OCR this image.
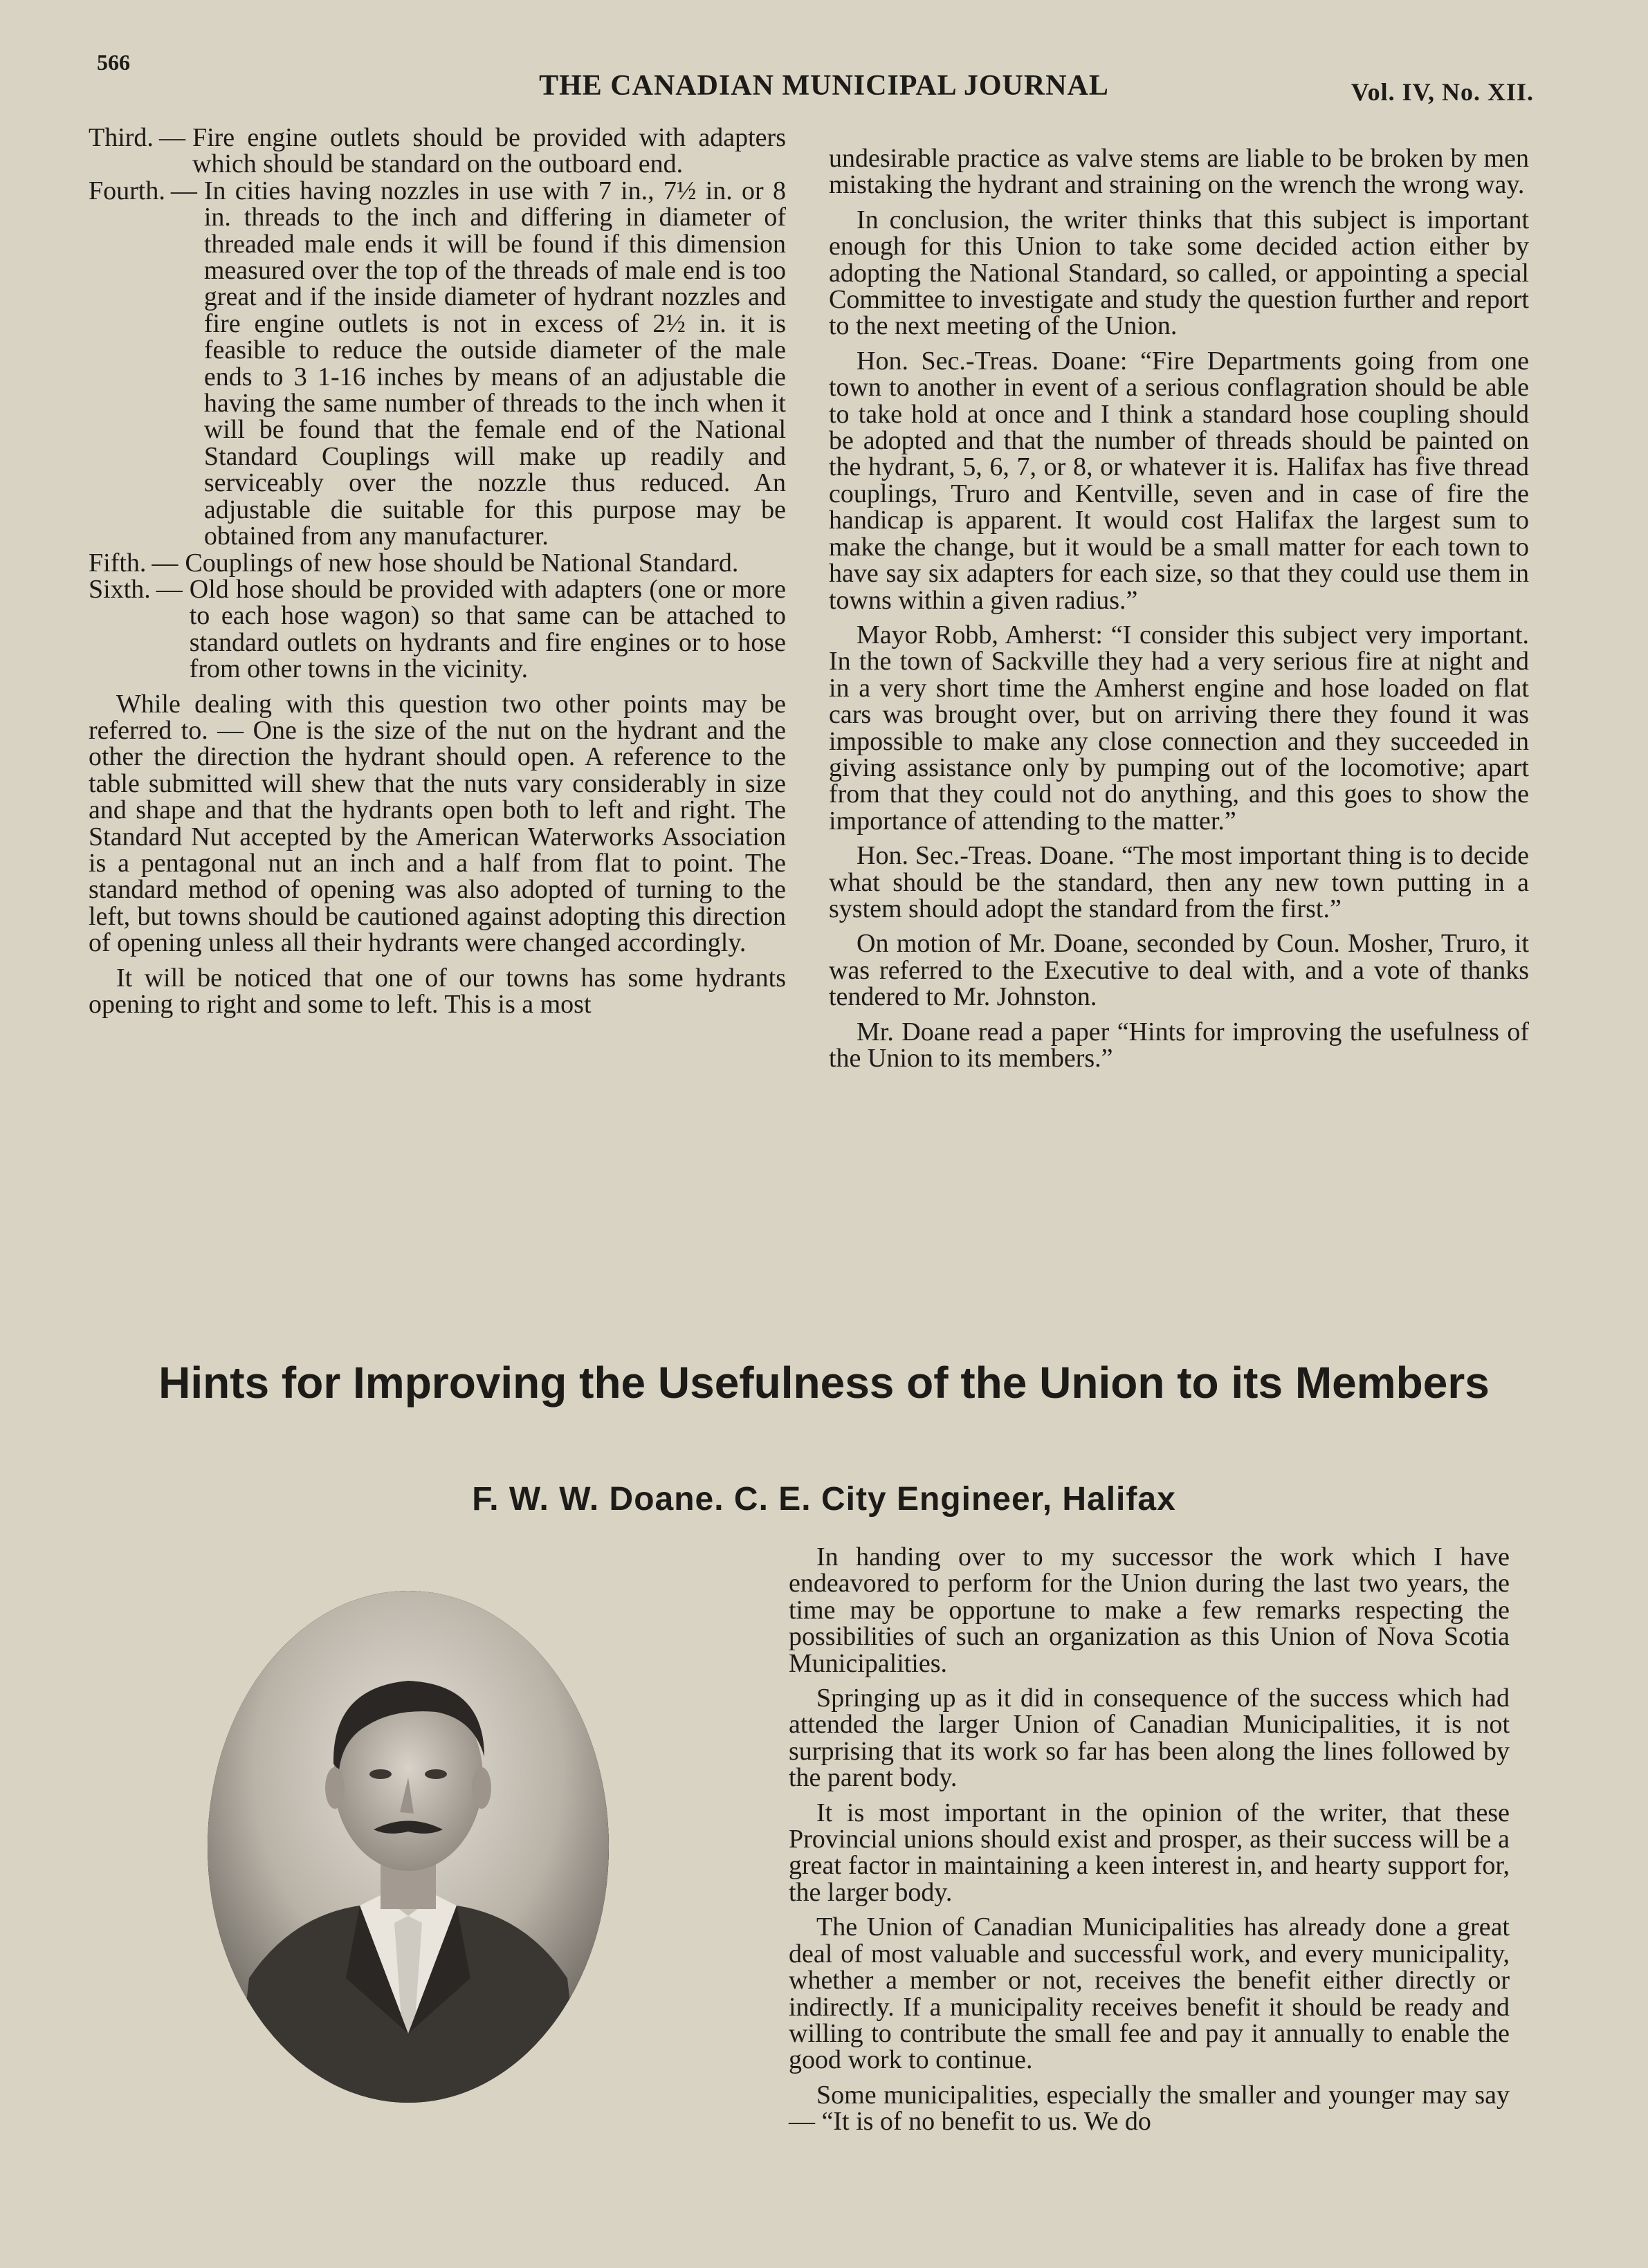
566
THE CANADIAN MUNICIPAL JOURNAL	Vol. IV, No. XII.
Third. — Fire engine outlets should be provided with adapters which should be standard on the outboard end.
Fourth. — In cities having nozzles in use with 7 in., 7½ in. or 8 in. threads to the inch and differing in diameter of threaded male ends it will be found if this dimension measured over the top of the threads of male end is too great and if the inside diameter of hydrant nozzles and fire engine outlets is not in excess of 2½ in. it is feasible to reduce the outside diameter of the male ends to 3 1-16 inches by means of an adjustable die having the same number of threads to the inch when it will be found that the female end of the National Standard Couplings will make up readily and serviceably over the nozzle thus reduced. An adjustable die suitable for this purpose may be obtained from any manufacturer.
Fifth. — Couplings of new hose should be National Standard.
Sixth. — Old hose should be provided with adapters (one or more to each hose wagon) so that same can be attached to standard outlets on hydrants and fire engines or to hose from other towns in the vicinity.

While dealing with this question two other points may be referred to. — One is the size of the nut on the hydrant and the other the direction the hydrant should open. A reference to the table submitted will shew that the nuts vary considerably in size and shape and that the hydrants open both to left and right. The Standard Nut accepted by the American Waterworks Association is a pentagonal nut an inch and a half from flat to point. The standard method of opening was also adopted of turning to the left, but towns should be cautioned against adopting this direction of opening unless all their hydrants were changed accordingly.

It will be noticed that one of our towns has some hydrants opening to right and some to left. This is a most

undesirable practice as valve stems are liable to be broken by men mistaking the hydrant and straining on the wrench the wrong way.

In conclusion, the writer thinks that this subject is important enough for this Union to take some decided action either by adopting the National Standard, so called, or appointing a special Committee to investigate and study the question further and report to the next meeting of the Union.

Hon. Sec.-Treas. Doane: “Fire Departments going from one town to another in event of a serious conflagration should be able to take hold at once and I think a standard hose coupling should be adopted and that the number of threads should be painted on the hydrant, 5, 6, 7, or 8, or whatever it is. Halifax has five thread couplings, Truro and Kentville, seven and in case of fire the handicap is apparent. It would cost Halifax the largest sum to make the change, but it would be a small matter for each town to have say six adapters for each size, so that they could use them in towns within a given radius.”

Mayor Robb, Amherst: “I consider this subject very important. In the town of Sackville they had a very serious fire at night and in a very short time the Amherst engine and hose loaded on flat cars was brought over, but on arriving there they found it was impossible to make any close connection and they succeeded in giving assistance only by pumping out of the locomotive; apart from that they could not do anything, and this goes to show the importance of attending to the matter.”

Hon. Sec.-Treas. Doane. “The most important thing is to decide what should be the standard, then any new town putting in a system should adopt the standard from the first.”

On motion of Mr. Doane, seconded by Coun. Mosher, Truro, it was referred to the Executive to deal with, and a vote of thanks tendered to Mr. Johnston.

Mr. Doane read a paper “Hints for improving the usefulness of the Union to its members.”

Hints for Improving the Usefulness of the Union to its Members
F. W. W. Doane. C. E. City Engineer, Halifax

In handing over to my successor the work which I have endeavored to perform for the Union during the last two years, the time may be opportune to make a few remarks respecting the possibilities of such an organization as this Union of Nova Scotia Municipalities.

Springing up as it did in consequence of the success which had attended the larger Union of Canadian Municipalities, it is not surprising that its work so far has been along the lines followed by the parent body.

It is most important in the opinion of the writer, that these Provincial unions should exist and prosper, as their success will be a great factor in maintaining a keen interest in, and hearty support for, the larger body.

The Union of Canadian Municipalities has already done a great deal of most valuable and successful work, and every municipality, whether a member or not, receives the benefit either directly or indirectly. If a municipality receives benefit it should be ready and willing to contribute the small fee and pay it annually to enable the good work to continue.

Some municipalities, especially the smaller and younger may say — “It is of no benefit to us. We do
